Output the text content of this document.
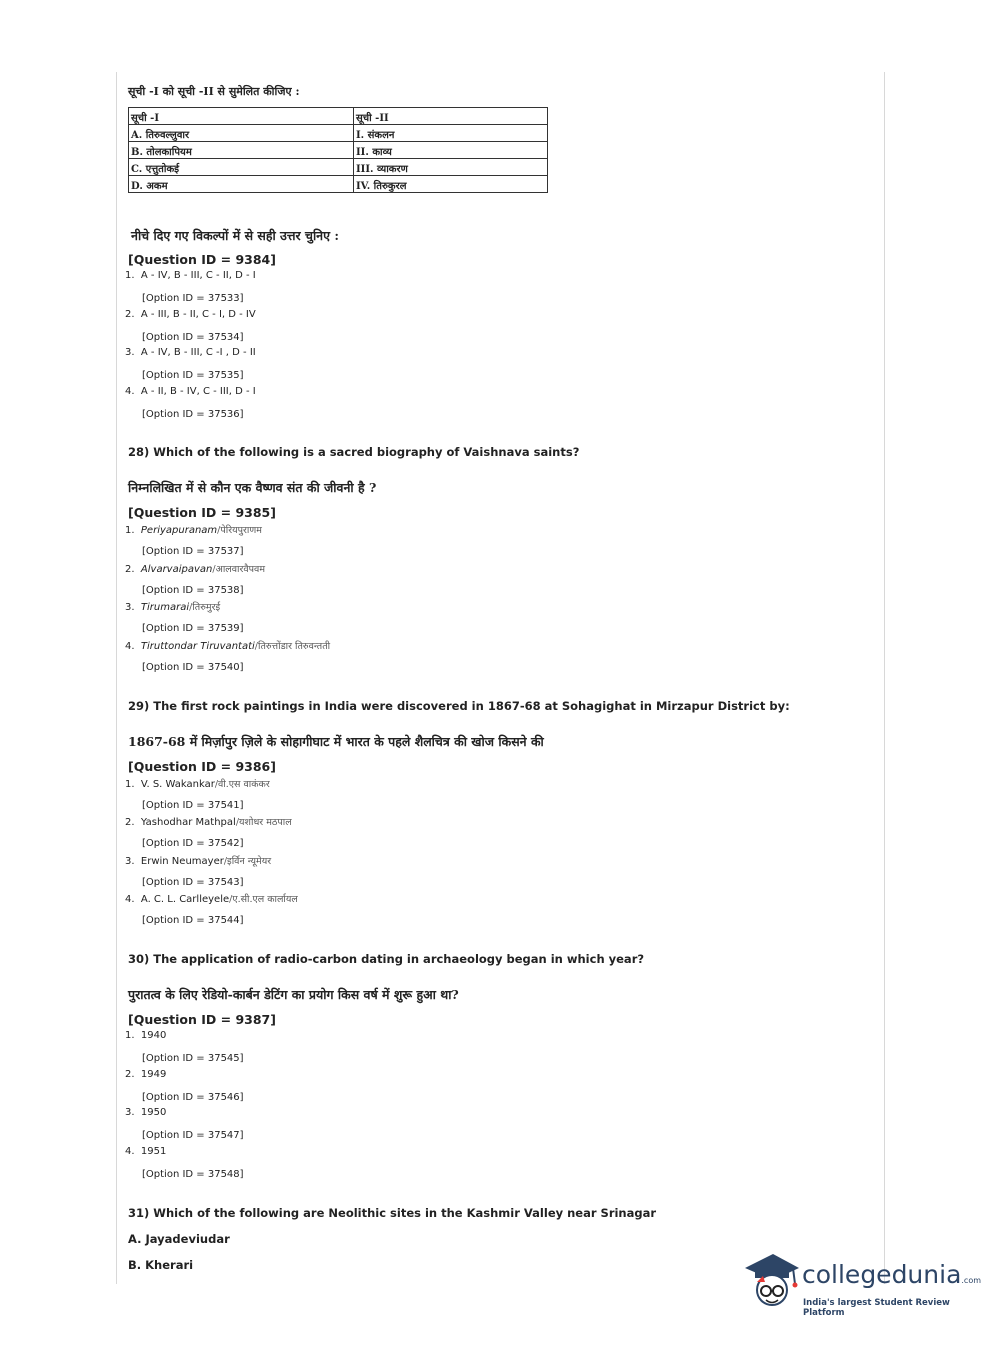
सूची -I को सूची -II से सुमेलित कीजिए :
सूची -I	सूची -II
A. तिरुवल्लुवार	I. संकलन
B. तोलकापियम	II. काव्य
C. एत्तुतोकई	III. व्याकरण
D. अकम	IV. तिरुकुरल
नीचे दिए गए विकल्पों में से सही उत्तर चुनिए :
[Question ID = 9384]
1. A - IV, B - III, C - II, D - I
[Option ID = 37533]
2. A - III, B - II, C - I, D - IV
[Option ID = 37534]
3. A - IV, B - III, C -I , D - II
[Option ID = 37535]
4. A - II, B - IV, C - III, D - I
[Option ID = 37536]
28) Which of the following is a sacred biography of Vaishnava saints?
निम्नलिखित में से कौन एक वैष्णव संत की जीवनी है ?
[Question ID = 9385]
1. Periyapuranam/पेरियपुराणम
[Option ID = 37537]
2. Alvarvaipavan/आलवारवैपवम
[Option ID = 37538]
3. Tirumarai/तिरुमुरई
[Option ID = 37539]
4. Tiruttondar Tiruvantati/तिरुत्तोंडार तिरुवन्तती
[Option ID = 37540]
29) The first rock paintings in India were discovered in 1867-68 at Sohagighat in Mirzapur District by:
1867-68 में मिर्ज़ापुर ज़िले के सोहागीघाट में भारत के पहले शैलचित्र की खोज किसने की
[Question ID = 9386]
1. V. S. Wakankar/वी.एस वाकंकर
[Option ID = 37541]
2. Yashodhar Mathpal/यशोधर मठपाल
[Option ID = 37542]
3. Erwin Neumayer/इर्विन न्यूमेयर
[Option ID = 37543]
4. A. C. L. Carlleyele/ए.सी.एल कार्लायल
[Option ID = 37544]
30) The application of radio-carbon dating in archaeology began in which year?
पुरातत्व के लिए रेडियो-कार्बन डेटिंग का प्रयोग किस वर्ष में शुरू हुआ था?
[Question ID = 9387]
1. 1940
[Option ID = 37545]
2. 1949
[Option ID = 37546]
3. 1950
[Option ID = 37547]
4. 1951
[Option ID = 37548]
31) Which of the following are Neolithic sites in the Kashmir Valley near Srinagar
A. Jayadeviudar
B. Kherari	collegedunia.com
India's largest Student Review Platform
